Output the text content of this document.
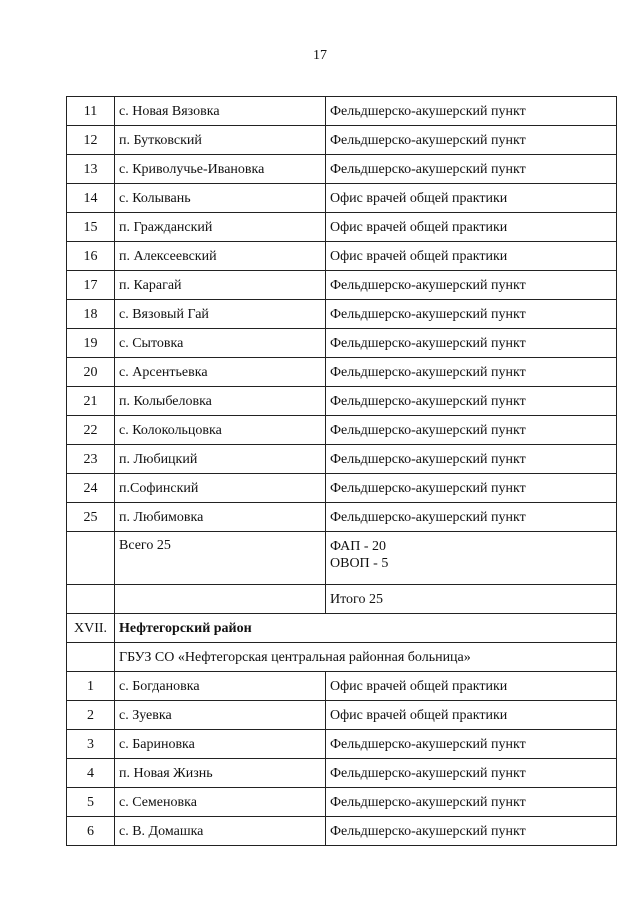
17
11	с. Новая Вязовка	Фельдшерско-акушерский пункт
12	п. Бутковский	Фельдшерско-акушерский пункт
13	с. Криволучье-Ивановка	Фельдшерско-акушерский пункт
14	с. Колывань	Офис врачей общей практики
15	п. Гражданский	Офис врачей общей практики
16	п. Алексеевский	Офис врачей общей практики
17	п. Карагай	Фельдшерско-акушерский пункт
18	с. Вязовый Гай	Фельдшерско-акушерский пункт
19	с. Сытовка	Фельдшерско-акушерский пункт
20	с. Арсентьевка	Фельдшерско-акушерский пункт
21	п. Колыбеловка	Фельдшерско-акушерский пункт
22	с. Колокольцовка	Фельдшерско-акушерский пункт
23	п. Любицкий	Фельдшерско-акушерский пункт
24	п.Софинский	Фельдшерско-акушерский пункт
25	п. Любимовка	Фельдшерско-акушерский пункт
	Всего 25	ФАП - 20
ОВОП - 5

		Итого 25
XVII.	Нефтегорский район	
	ГБУЗ СО «Нефтегорская центральная районная больница»	
1	с. Богдановка	Офис врачей общей практики
2	с. Зуевка	Офис врачей общей практики
3	с. Бариновка	Фельдшерско-акушерский пункт
4	п. Новая Жизнь	Фельдшерско-акушерский пункт
5	с. Семеновка	Фельдшерско-акушерский пункт
6	с. В. Домашка	Фельдшерско-акушерский пункт
